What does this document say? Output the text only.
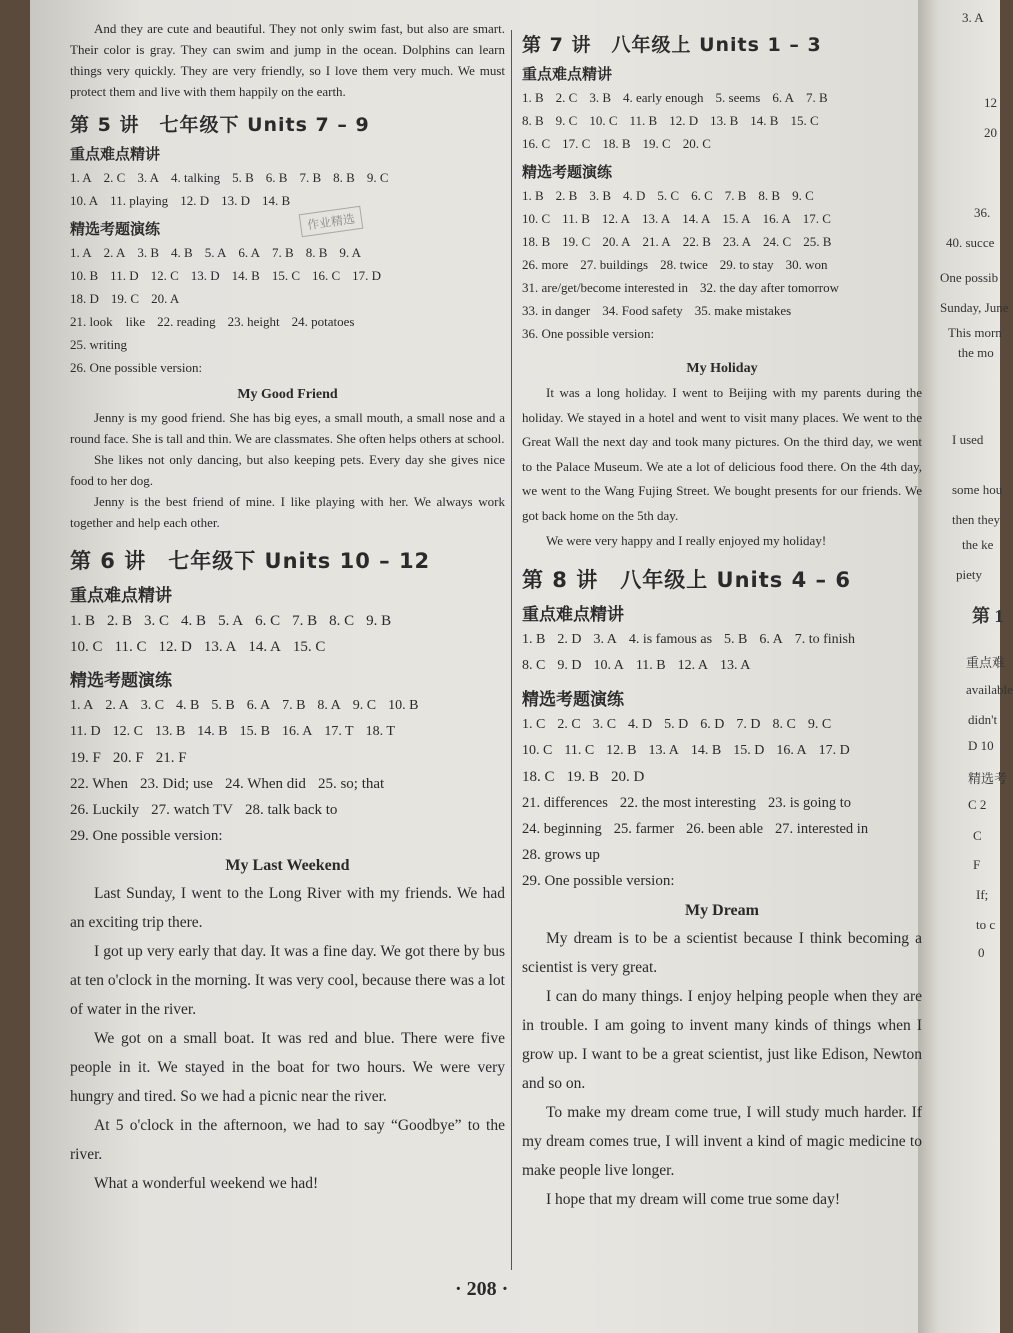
3. A
12
20
36.
40. succe
One possib
Sunday, June
This morn
the mo
I used
some hou
then they
the ke
piety
第 1
重点难
available
didn't
D 10
精选考
C 2
C
F
If;
to c
0
作业精选

And they are cute and beautiful. They not only swim fast, but also are smart. Their color is gray. They can swim and jump in the ocean. Dolphins can learn things very quickly. They are very friendly, so I love them very much. We must protect them and live with them happily on the earth.

第 5 讲　七年级下 Units 7 – 9
重点难点精讲
1. A 2. C 3. A 4. talking 5. B 6. B 7. B 8. B 9. C
10. A 11. playing 12. D 13. D 14. B
精选考题演练
1. A 2. A 3. B 4. B 5. A 6. A 7. B 8. B 9. A
10. B 11. D 12. C 13. D 14. B 15. C 16. C 17. D
18. D 19. C 20. A
21. look　like 22. reading 23. height 24. potatoes
25. writing
26. One possible version:
My Good Friend

Jenny is my good friend. She has big eyes, a small mouth, a small nose and a round face. She is tall and thin. We are classmates. She often helps others at school.

She likes not only dancing, but also keeping pets. Every day she gives nice food to her dog.

Jenny is the best friend of mine. I like playing with her. We always work together and help each other.

第 6 讲　七年级下 Units 10 – 12
重点难点精讲
1. B 2. B 3. C 4. B 5. A 6. C 7. B 8. C 9. B
10. C 11. C 12. D 13. A 14. A 15. C
精选考题演练
1. A 2. A 3. C 4. B 5. B 6. A 7. B 8. A 9. C 10. B
11. D 12. C 13. B 14. B 15. B 16. A 17. T 18. T
19. F 20. F 21. F
22. When 23. Did; use 24. When did 25. so; that
26. Luckily 27. watch TV 28. talk back to
29. One possible version:
My Last Weekend

Last Sunday, I went to the Long River with my friends. We had an exciting trip there.

I got up very early that day. It was a fine day. We got there by bus at ten o'clock in the morning. It was very cool, because there was a lot of water in the river.

We got on a small boat. It was red and blue. There were five people in it. We stayed in the boat for two hours. We were very hungry and tired. So we had a picnic near the river.

At 5 o'clock in the afternoon, we had to say “Goodbye” to the river.

What a wonderful weekend we had!

第 7 讲　八年级上 Units 1 – 3
重点难点精讲
1. B 2. C 3. B 4. early enough 5. seems 6. A 7. B
8. B 9. C 10. C 11. B 12. D 13. B 14. B 15. C
16. C 17. C 18. B 19. C 20. C
精选考题演练
1. B 2. B 3. B 4. D 5. C 6. C 7. B 8. B 9. C
10. C 11. B 12. A 13. A 14. A 15. A 16. A 17. C
18. B 19. C 20. A 21. A 22. B 23. A 24. C 25. B
26. more 27. buildings 28. twice 29. to stay 30. won
31. are/get/become interested in 32. the day after tomorrow
33. in danger 34. Food safety 35. make mistakes
36. One possible version:
My Holiday

It was a long holiday. I went to Beijing with my parents during the holiday. We stayed in a hotel and went to visit many places. We went to the Great Wall the next day and took many pictures. On the third day, we went to the Palace Museum. We ate a lot of delicious food there. On the 4th day, we went to the Wang Fujing Street. We bought presents for our friends. We got back home on the 5th day.

We were very happy and I really enjoyed my holiday!

第 8 讲　八年级上 Units 4 – 6
重点难点精讲
1. B 2. D 3. A 4. is famous as 5. B 6. A 7. to finish
8. C 9. D 10. A 11. B 12. A 13. A
精选考题演练
1. C 2. C 3. C 4. D 5. D 6. D 7. D 8. C 9. C
10. C 11. C 12. B 13. A 14. B 15. D 16. A 17. D
18. C 19. B 20. D
21. differences 22. the most interesting 23. is going to
24. beginning 25. farmer 26. been able 27. interested in
28. grows up
29. One possible version:
My Dream

My dream is to be a scientist because I think becoming a scientist is very great.

I can do many things. I enjoy helping people when they are in trouble. I am going to invent many kinds of things when I grow up. I want to be a great scientist, just like Edison, Newton and so on.

To make my dream come true, I will study much harder. If my dream comes true, I will invent a kind of magic medicine to make people live longer.

I hope that my dream will come true some day!

· 208 ·
